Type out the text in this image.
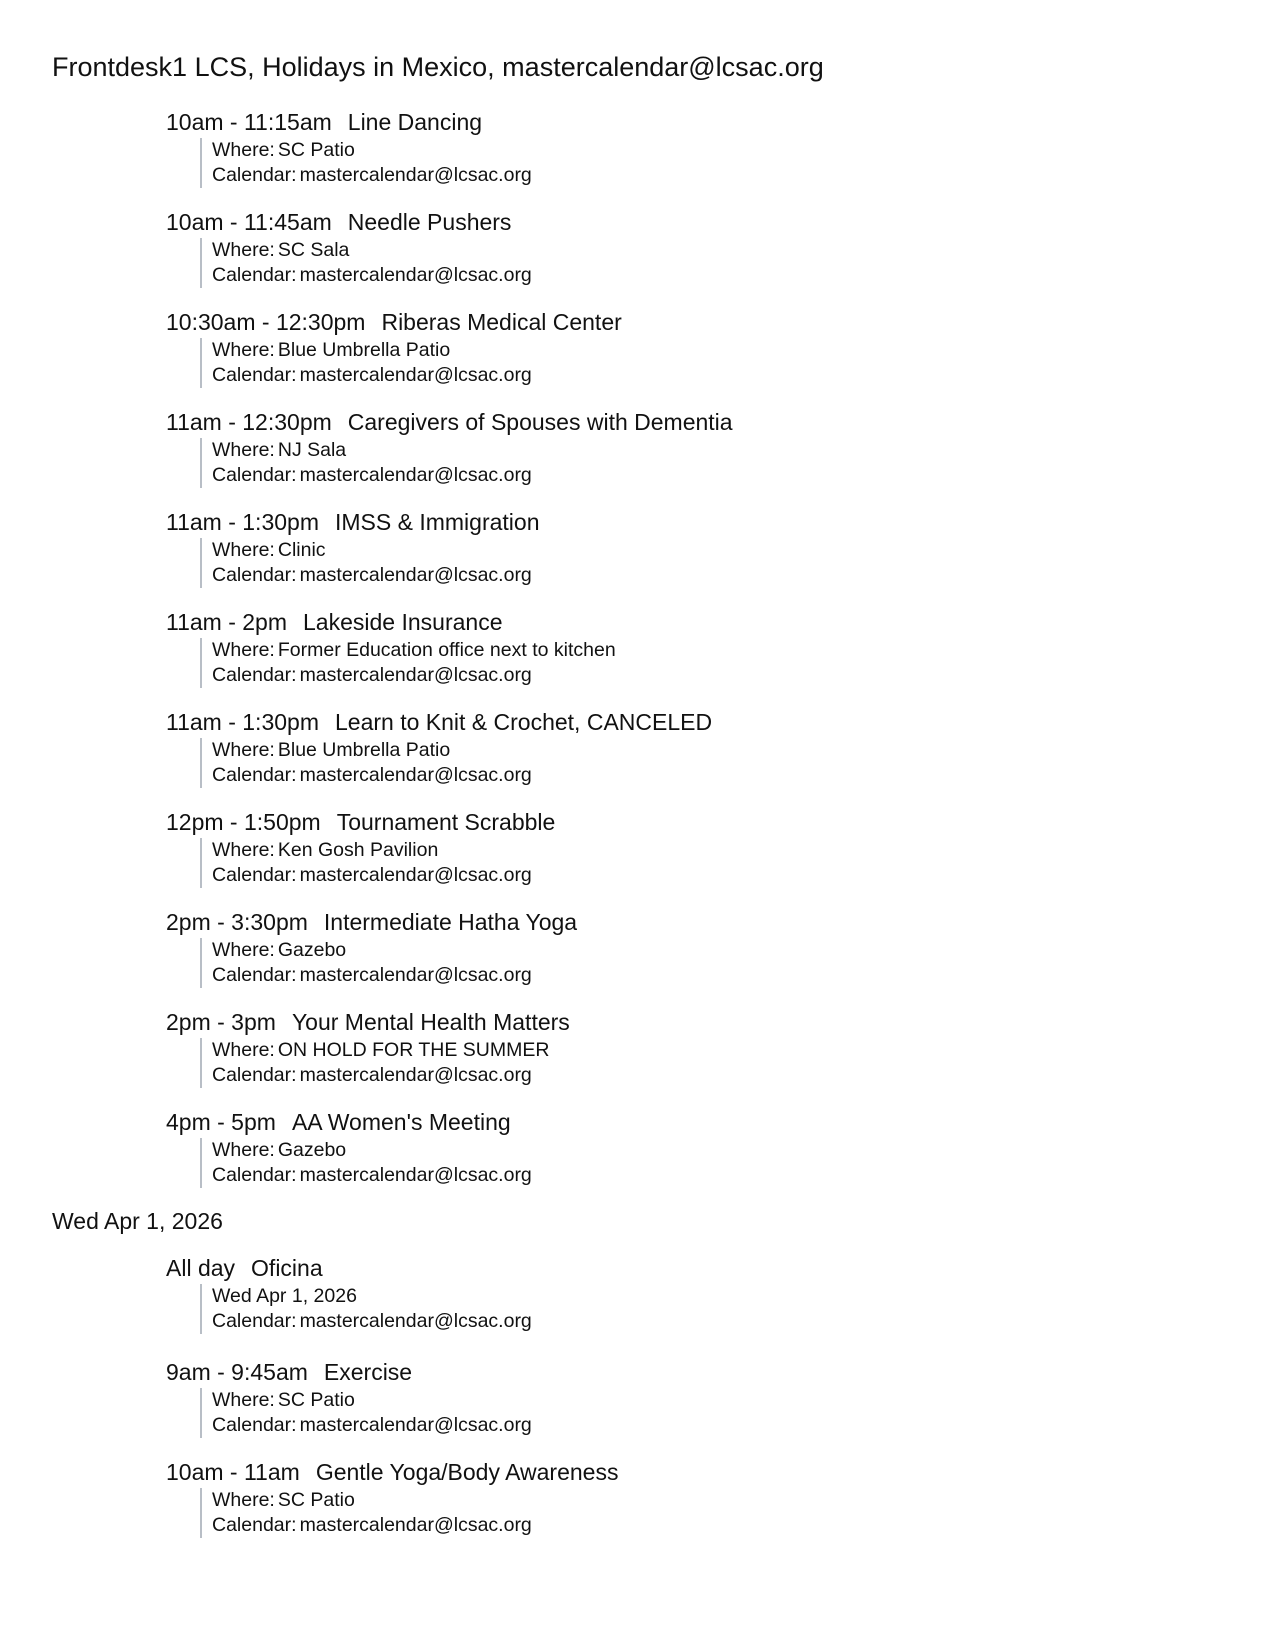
Frontdesk1 LCS, Holidays in Mexico, mastercalendar@lcsac.org
10am - 11:15am Line Dancing
Where: SC Patio
Calendar: mastercalendar@lcsac.org
10am - 11:45am Needle Pushers
Where: SC Sala
Calendar: mastercalendar@lcsac.org
10:30am - 12:30pm Riberas Medical Center
Where: Blue Umbrella Patio
Calendar: mastercalendar@lcsac.org
11am - 12:30pm Caregivers of Spouses with Dementia
Where: NJ Sala
Calendar: mastercalendar@lcsac.org
11am - 1:30pm IMSS & Immigration
Where: Clinic
Calendar: mastercalendar@lcsac.org
11am - 2pm Lakeside Insurance
Where: Former Education office next to kitchen
Calendar: mastercalendar@lcsac.org
11am - 1:30pm Learn to Knit & Crochet, CANCELED
Where: Blue Umbrella Patio
Calendar: mastercalendar@lcsac.org
12pm - 1:50pm Tournament Scrabble
Where: Ken Gosh Pavilion
Calendar: mastercalendar@lcsac.org
2pm - 3:30pm Intermediate Hatha Yoga
Where: Gazebo
Calendar: mastercalendar@lcsac.org
2pm - 3pm Your Mental Health Matters
Where: ON HOLD FOR THE SUMMER
Calendar: mastercalendar@lcsac.org
4pm - 5pm AA Women's Meeting
Where: Gazebo
Calendar: mastercalendar@lcsac.org
Wed Apr 1, 2026
All day Oficina
Wed Apr 1, 2026
Calendar: mastercalendar@lcsac.org
9am - 9:45am Exercise
Where: SC Patio
Calendar: mastercalendar@lcsac.org
10am - 11am Gentle Yoga/Body Awareness
Where: SC Patio
Calendar: mastercalendar@lcsac.org
